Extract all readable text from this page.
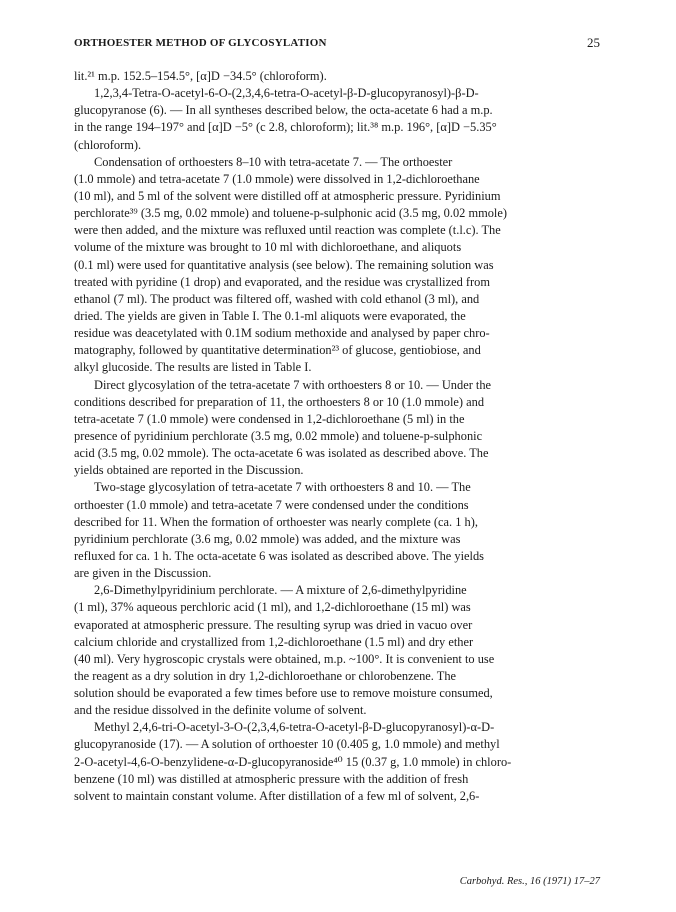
ORTHOESTER METHOD OF GLYCOSYLATION	25
lit.²¹ m.p. 152.5–154.5°, [α]D −34.5° (chloroform).
1,2,3,4-Tetra-O-acetyl-6-O-(2,3,4,6-tetra-O-acetyl-β-D-glucopyranosyl)-β-D-
glucopyranose (6). — In all syntheses described below, the octa-acetate 6 had a m.p.
in the range 194–197° and [α]D −5° (c 2.8, chloroform); lit.³⁸ m.p. 196°, [α]D −5.35°
(chloroform).
Condensation of orthoesters 8–10 with tetra-acetate 7. — The orthoester
(1.0 mmole) and tetra-acetate 7 (1.0 mmole) were dissolved in 1,2-dichloroethane
(10 ml), and 5 ml of the solvent were distilled off at atmospheric pressure. Pyridinium
perchlorate³⁹ (3.5 mg, 0.02 mmole) and toluene-p-sulphonic acid (3.5 mg, 0.02 mmole)
were then added, and the mixture was refluxed until reaction was complete (t.l.c). The
volume of the mixture was brought to 10 ml with dichloroethane, and aliquots
(0.1 ml) were used for quantitative analysis (see below). The remaining solution was
treated with pyridine (1 drop) and evaporated, and the residue was crystallized from
ethanol (7 ml). The product was filtered off, washed with cold ethanol (3 ml), and
dried. The yields are given in Table I. The 0.1-ml aliquots were evaporated, the
residue was deacetylated with 0.1M sodium methoxide and analysed by paper chro-
matography, followed by quantitative determination²³ of glucose, gentiobiose, and
alkyl glucoside. The results are listed in Table I.
Direct glycosylation of the tetra-acetate 7 with orthoesters 8 or 10. — Under the
conditions described for preparation of 11, the orthoesters 8 or 10 (1.0 mmole) and
tetra-acetate 7 (1.0 mmole) were condensed in 1,2-dichloroethane (5 ml) in the
presence of pyridinium perchlorate (3.5 mg, 0.02 mmole) and toluene-p-sulphonic
acid (3.5 mg, 0.02 mmole). The octa-acetate 6 was isolated as described above. The
yields obtained are reported in the Discussion.
Two-stage glycosylation of tetra-acetate 7 with orthoesters 8 and 10. — The
orthoester (1.0 mmole) and tetra-acetate 7 were condensed under the conditions
described for 11. When the formation of orthoester was nearly complete (ca. 1 h),
pyridinium perchlorate (3.6 mg, 0.02 mmole) was added, and the mixture was
refluxed for ca. 1 h. The octa-acetate 6 was isolated as described above. The yields
are given in the Discussion.
2,6-Dimethylpyridinium perchlorate. — A mixture of 2,6-dimethylpyridine
(1 ml), 37% aqueous perchloric acid (1 ml), and 1,2-dichloroethane (15 ml) was
evaporated at atmospheric pressure. The resulting syrup was dried in vacuo over
calcium chloride and crystallized from 1,2-dichloroethane (1.5 ml) and dry ether
(40 ml). Very hygroscopic crystals were obtained, m.p. ~100°. It is convenient to use
the reagent as a dry solution in dry 1,2-dichloroethane or chlorobenzene. The
solution should be evaporated a few times before use to remove moisture consumed,
and the residue dissolved in the definite volume of solvent.
Methyl 2,4,6-tri-O-acetyl-3-O-(2,3,4,6-tetra-O-acetyl-β-D-glucopyranosyl)-α-D-
glucopyranoside (17). — A solution of orthoester 10 (0.405 g, 1.0 mmole) and methyl
2-O-acetyl-4,6-O-benzylidene-α-D-glucopyranoside⁴⁰ 15 (0.37 g, 1.0 mmole) in chloro-
benzene (10 ml) was distilled at atmospheric pressure with the addition of fresh
solvent to maintain constant volume. After distillation of a few ml of solvent, 2,6-
Carbohyd. Res., 16 (1971) 17–27
